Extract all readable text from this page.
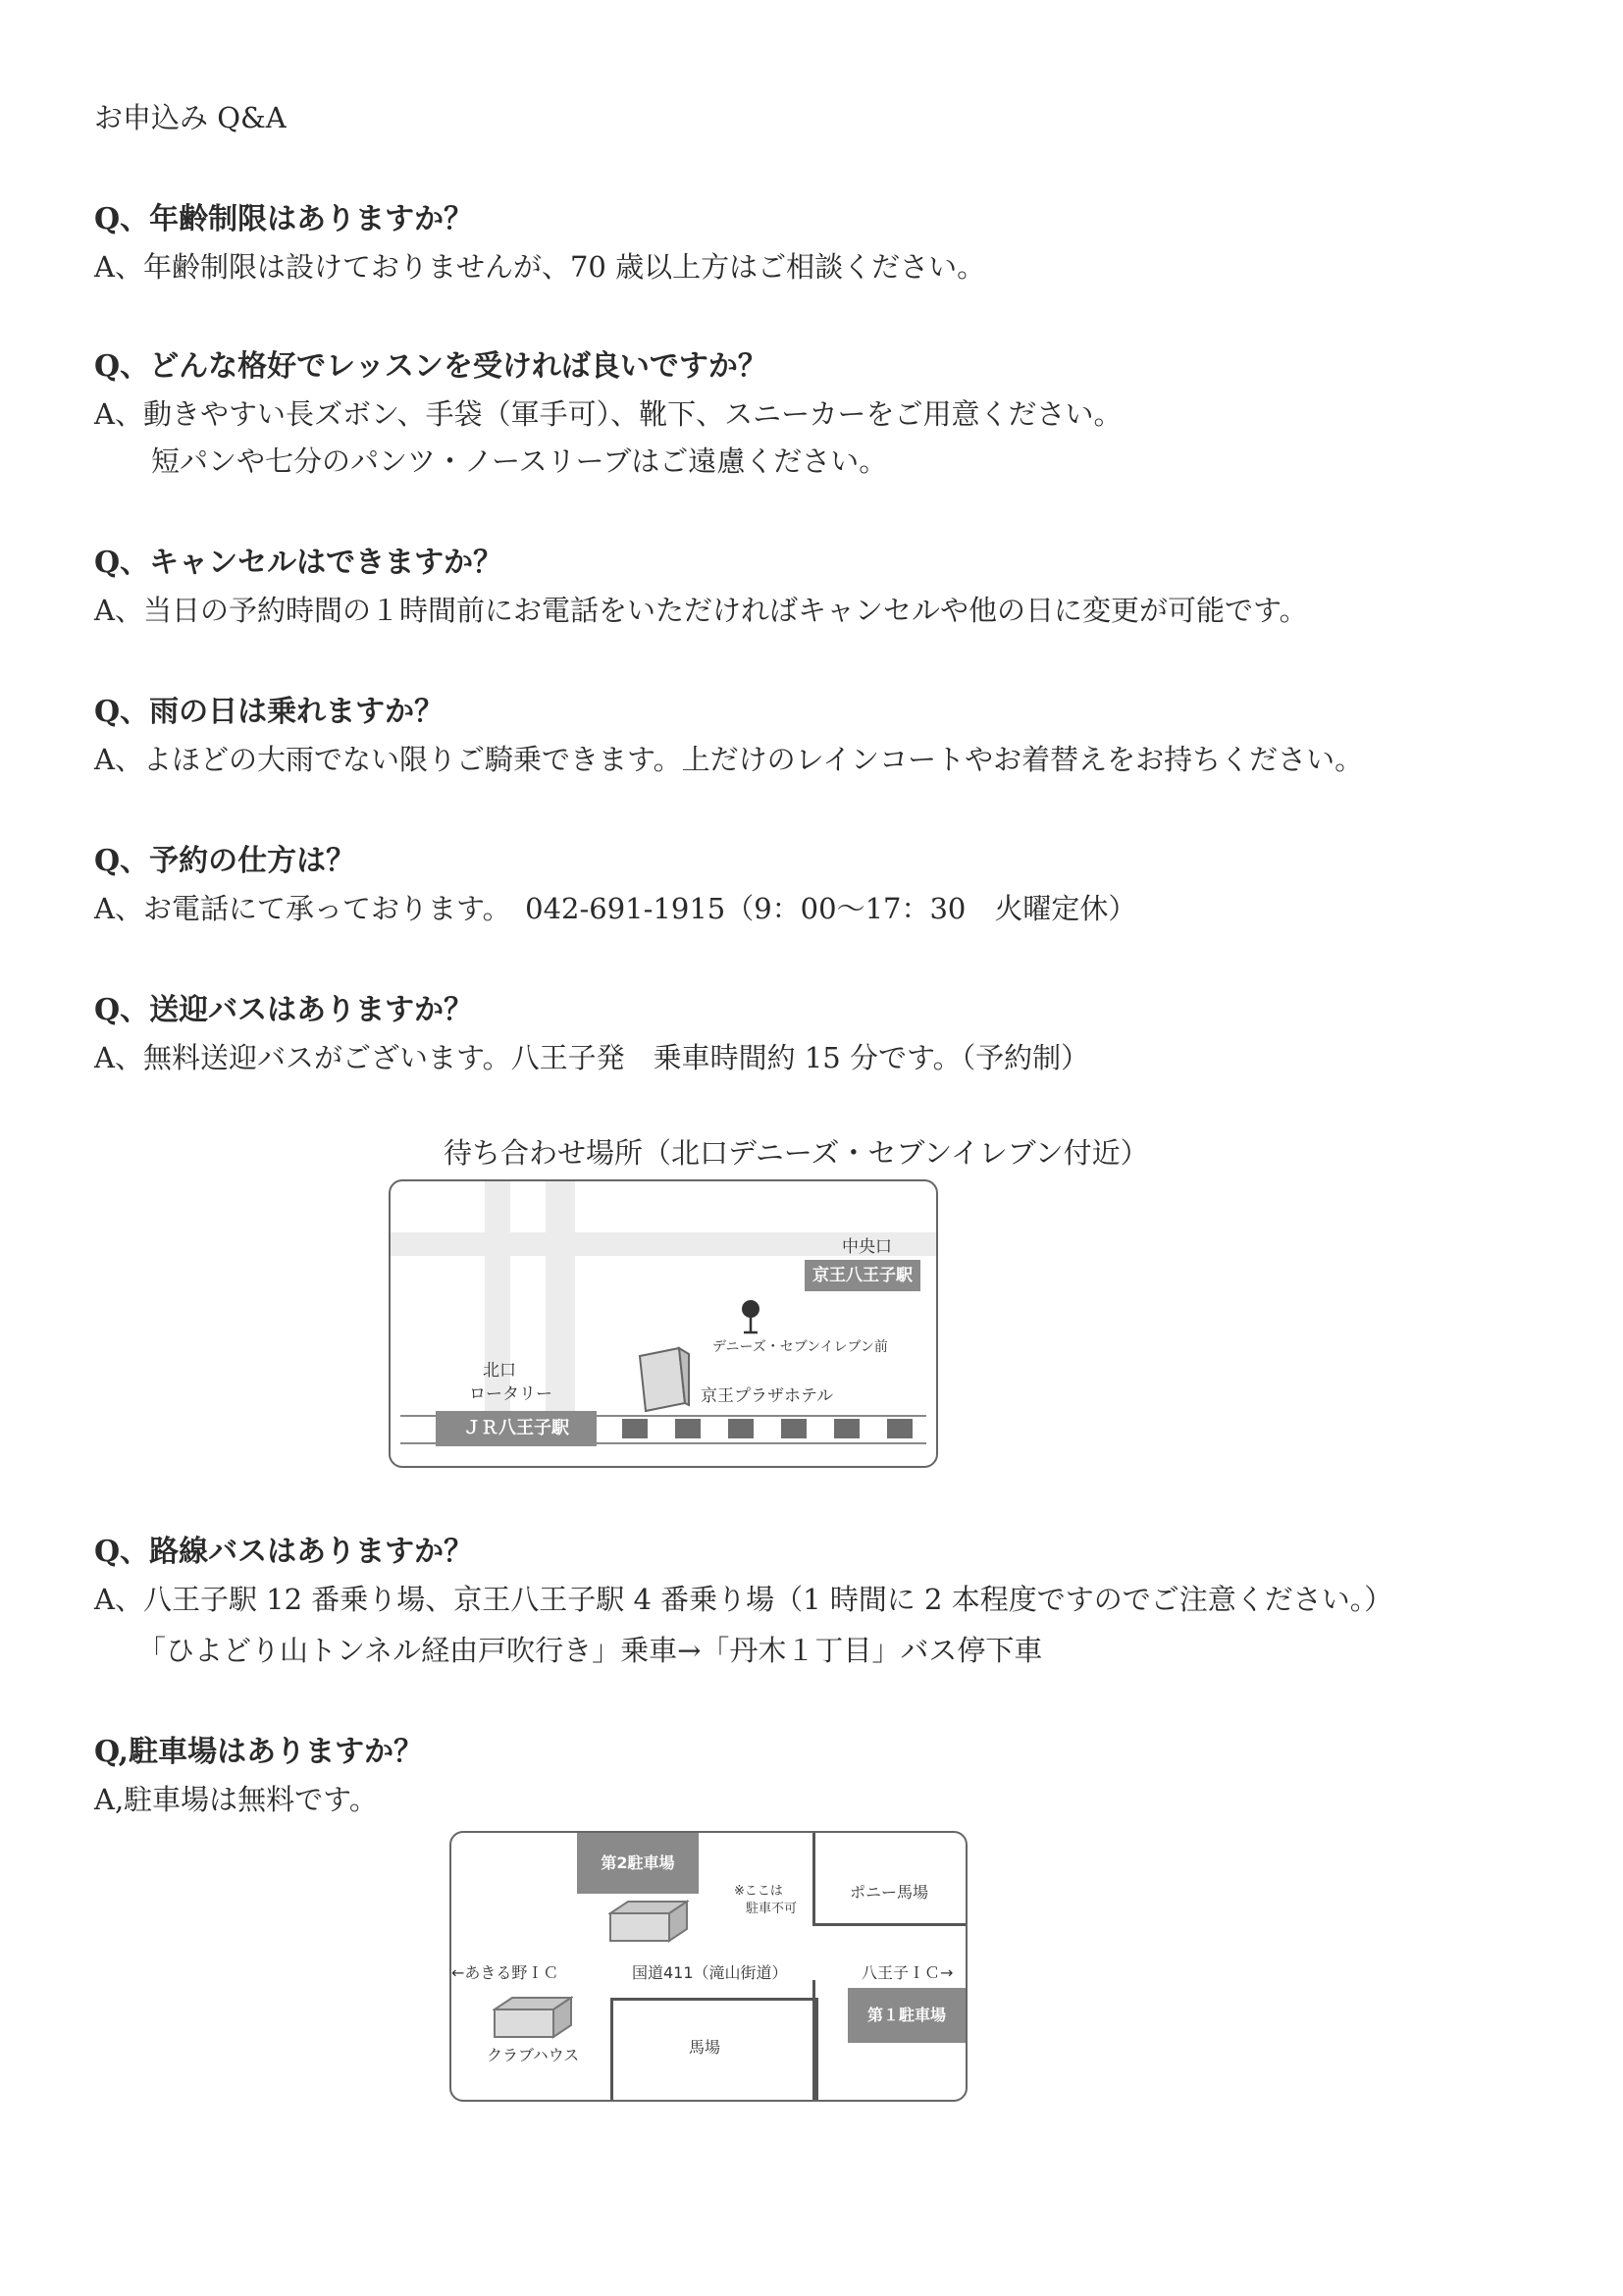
お申込み Q&A
Q、年齢制限はありますか？
A、年齢制限は設けておりませんが、70 歳以上方はご相談ください。
Q、どんな格好でレッスンを受ければ良いですか？
A、動きやすい長ズボン、手袋（軍手可）、靴下、スニーカーをご用意ください。
短パンや七分のパンツ・ノースリーブはご遠慮ください。
Q、キャンセルはできますか？
A、当日の予約時間の１時間前にお電話をいただければキャンセルや他の日に変更が可能です。
Q、雨の日は乗れますか？
A、よほどの大雨でない限りご騎乗できます。上だけのレインコートやお着替えをお持ちください。
Q、予約の仕方は？
A、お電話にて承っております。　042-691-1915（9：00～17：30　火曜定休）
Q、送迎バスはありますか？
A、無料送迎バスがございます。八王子発　乗車時間約 15 分です。（予約制）
待ち合わせ場所（北口デニーズ・セブンイレブン付近）
中央口
京王八王子駅
デニーズ・セブンイレブン前
北口
ロータリー	京王プラザホテル
ＪＲ八王子駅
Q、路線バスはありますか？
A、八王子駅 12 番乗り場、京王八王子駅 4 番乗り場（1 時間に 2 本程度ですのでご注意ください。）
「ひよどり山トンネル経由戸吹行き」乗車→「丹木１丁目」バス停下車
Q,駐車場はありますか？
A,駐車場は無料です。
第2駐車場
※ここは
駐車不可
ポニー馬場
←あきる野ＩＣ	国道411（滝山街道）	八王子ＩＣ→
第１駐車場
クラブハウス	馬場
